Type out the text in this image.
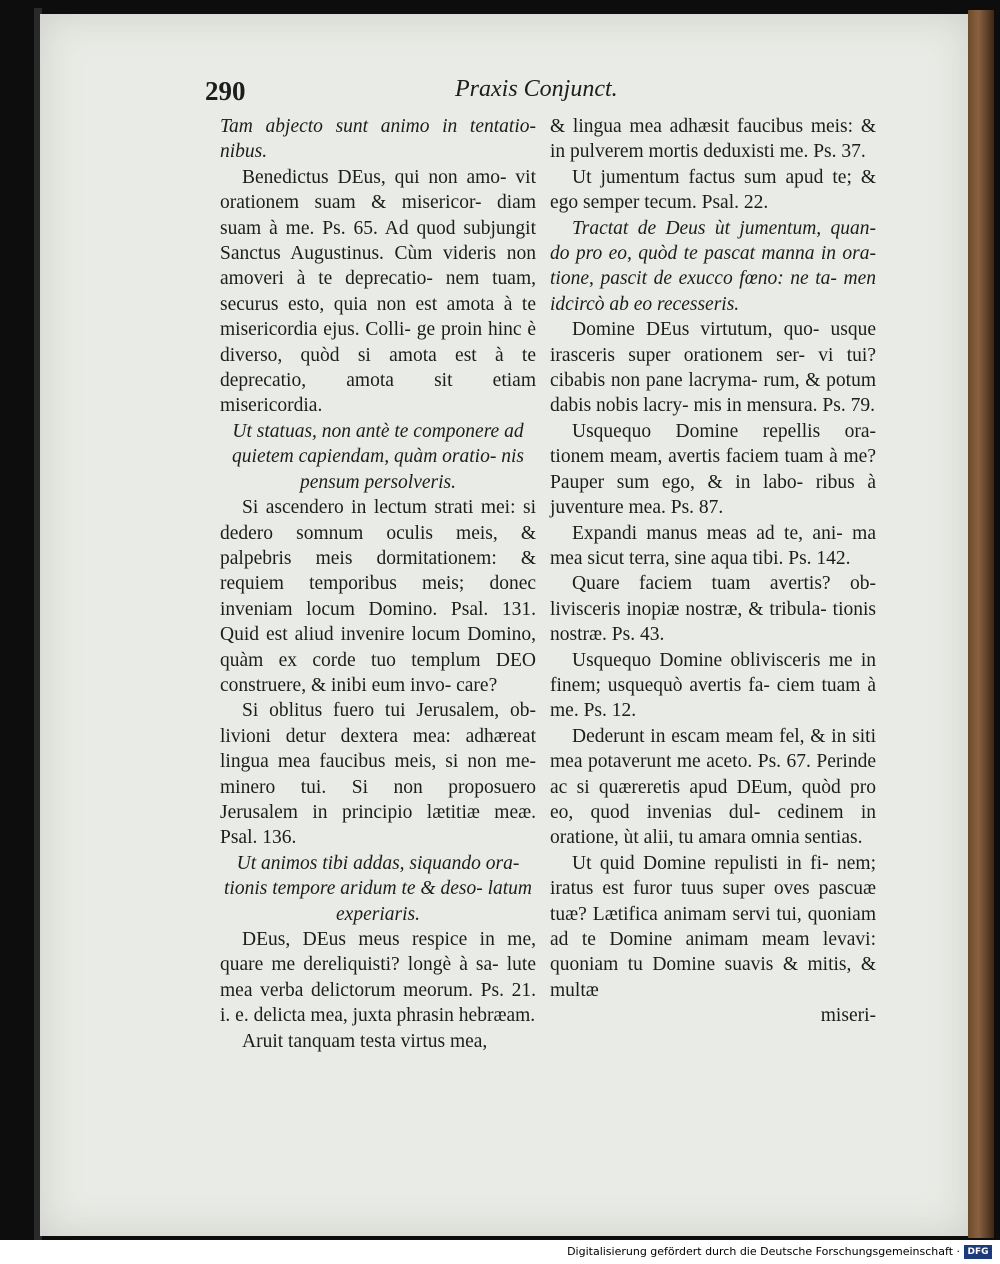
290	Praxis Conjunct.

Tam abjecto sunt animo in tentatio- nibus.

Benedictus DEus, qui non amo- vit orationem suam & misericor- diam suam à me. Ps. 65. Ad quod subjungit Sanctus Augustinus. Cùm videris non amoveri à te deprecatio- nem tuam, securus esto, quia non est amota à te misericordia ejus. Colli- ge proin hinc è diverso, quòd si amota est à te deprecatio, amota sit etiam misericordia.

Ut statuas, non antè te componere ad quietem capiendam, quàm oratio- nis pensum persolveris.

Si ascendero in lectum strati mei: si dedero somnum oculis meis, & palpebris meis dormitationem: & requiem temporibus meis; donec inveniam locum Domino. Psal. 131. Quid est aliud invenire locum Domino, quàm ex corde tuo templum DEO construere, & inibi eum invo- care?

Si oblitus fuero tui Jerusalem, ob- livioni detur dextera mea: adhæreat lingua mea faucibus meis, si non me- minero tui. Si non proposuero Jerusalem in principio lætitiæ meæ. Psal. 136.

Ut animos tibi addas, siquando ora- tionis tempore aridum te & deso- latum experiaris.

DEus, DEus meus respice in me, quare me dereliquisti? longè à sa- lute mea verba delictorum meorum. Ps. 21. i. e. delicta mea, juxta phrasin hebræam.

Aruit tanquam testa virtus mea,

& lingua mea adhæsit faucibus meis: & in pulverem mortis deduxisti me. Ps. 37.

Ut jumentum factus sum apud te; & ego semper tecum. Psal. 22.

Tractat de Deus ùt jumentum, quan- do pro eo, quòd te pascat manna in ora- tione, pascit de exucco fœno: ne ta- men idcircò ab eo recesseris.

Domine DEus virtutum, quo- usque irasceris super orationem ser- vi tui? cibabis non pane lacryma- rum, & potum dabis nobis lacry- mis in mensura. Ps. 79.

Usquequo Domine repellis ora- tionem meam, avertis faciem tuam à me? Pauper sum ego, & in labo- ribus à juventure mea. Ps. 87.

Expandi manus meas ad te, ani- ma mea sicut terra, sine aqua tibi. Ps. 142.

Quare faciem tuam avertis? ob- livisceris inopiæ nostræ, & tribula- tionis nostræ. Ps. 43.

Usquequo Domine oblivisceris me in finem; usquequò avertis fa- ciem tuam à me. Ps. 12.

Dederunt in escam meam fel, & in siti mea potaverunt me aceto. Ps. 67. Perinde ac si quæreretis apud DEum, quòd pro eo, quod invenias dul- cedinem in oratione, ùt alii, tu amara omnia sentias.

Ut quid Domine repulisti in fi- nem; iratus est furor tuus super oves pascuæ tuæ? Lætifica animam servi tui, quoniam ad te Domine animam meam levavi: quoniam tu Domine suavis & mitis, & multæ

miseri-

Digitalisierung gefördert durch die Deutsche Forschungsgemeinschaft · DFG
